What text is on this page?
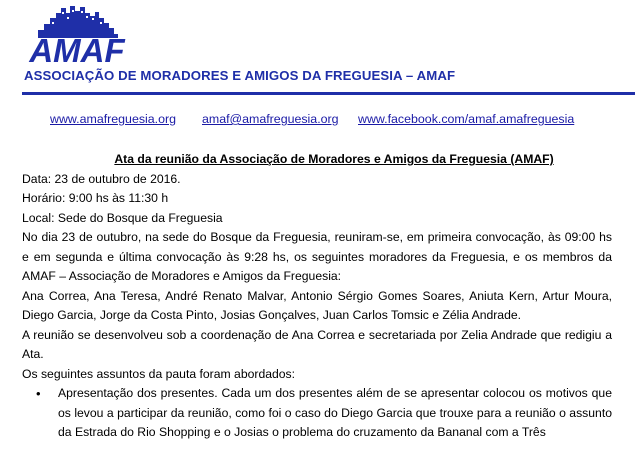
AMAF
ASSOCIAÇÃO DE MORADORES E AMIGOS DA FREGUESIA – AMAF
www.amafreguesia.org amaf@amafreguesia.org www.facebook.com/amaf.amafreguesia
Ata da reunião da Associação de Moradores e Amigos da Freguesia (AMAF)
Data: 23 de outubro de 2016.
Horário: 9:00 hs às 11:30 h
Local: Sede do Bosque da Freguesia
No dia 23 de outubro, na sede do Bosque da Freguesia, reuniram-se, em primeira convocação, às 09:00 hs e em segunda e última convocação às 9:28 hs, os seguintes moradores da Freguesia, e os membros da AMAF – Associação de Moradores e Amigos da Freguesia:
Ana Correa, Ana Teresa, André Renato Malvar, Antonio Sérgio Gomes Soares, Aniuta Kern, Artur Moura, Diego Garcia, Jorge da Costa Pinto, Josias Gonçalves, Juan Carlos Tomsic e Zélia Andrade.
A reunião se desenvolveu sob a coordenação de Ana Correa e secretariada por Zelia Andrade que redigiu a Ata.
Os seguintes assuntos da pauta foram abordados:
• Apresentação dos presentes. Cada um dos presentes além de se apresentar colocou os motivos que os levou a participar da reunião, como foi o caso do Diego Garcia que trouxe para a reunião o assunto da Estrada do Rio Shopping e o Josias o problema do cruzamento da Bananal com a Três
